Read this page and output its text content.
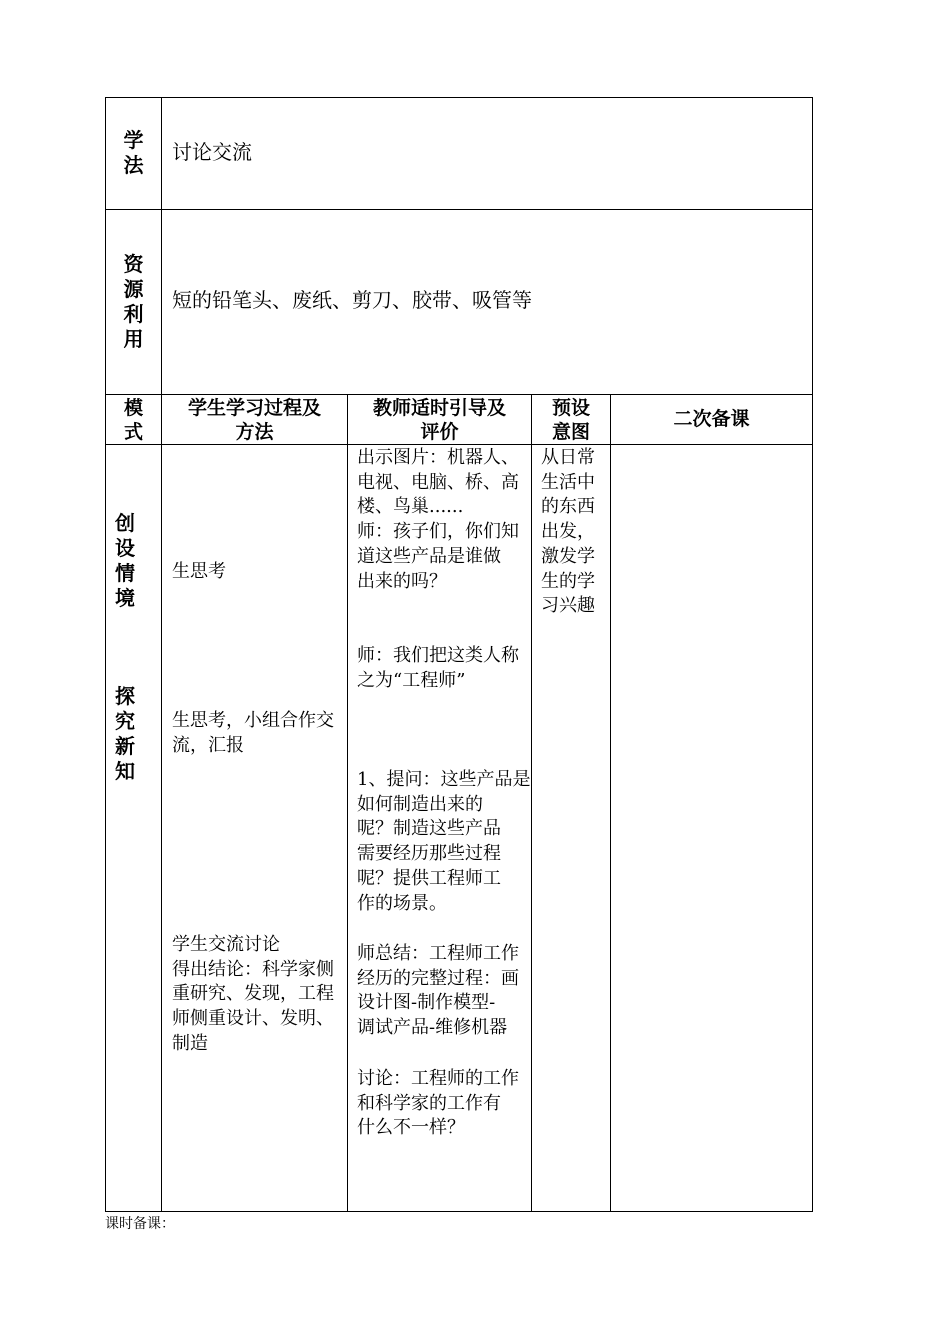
学
法
讨论交流
资
源
利
用
短的铅笔头、废纸、剪刀、胶带、吸管等
模
式
学生学习过程及
方法
教师适时引导及
评价
预设
意图
二次备课
创
设
情
境
探
究
新
知
生思考
生思考，小组合作交
流，汇报
学生交流讨论
得出结论：科学家侧
重研究、发现，工程
师侧重设计、发明、
制造
出示图片：机器人、
电视、电脑、桥、高
楼、鸟巢......
师：孩子们，你们知
道这些产品是谁做
出来的吗？
师：我们把这类人称
之为“工程师”
1、提问：这些产品是
如何制造出来的
呢？制造这些产品
需要经历那些过程
呢？提供工程师工
作的场景。
师总结：工程师工作
经历的完整过程：画
设计图-制作模型-
调试产品-维修机器
讨论：工程师的工作
和科学家的工作有
什么不一样？
从日常
生活中
的东西
出发，
激发学
生的学
习兴趣
课时备课：
